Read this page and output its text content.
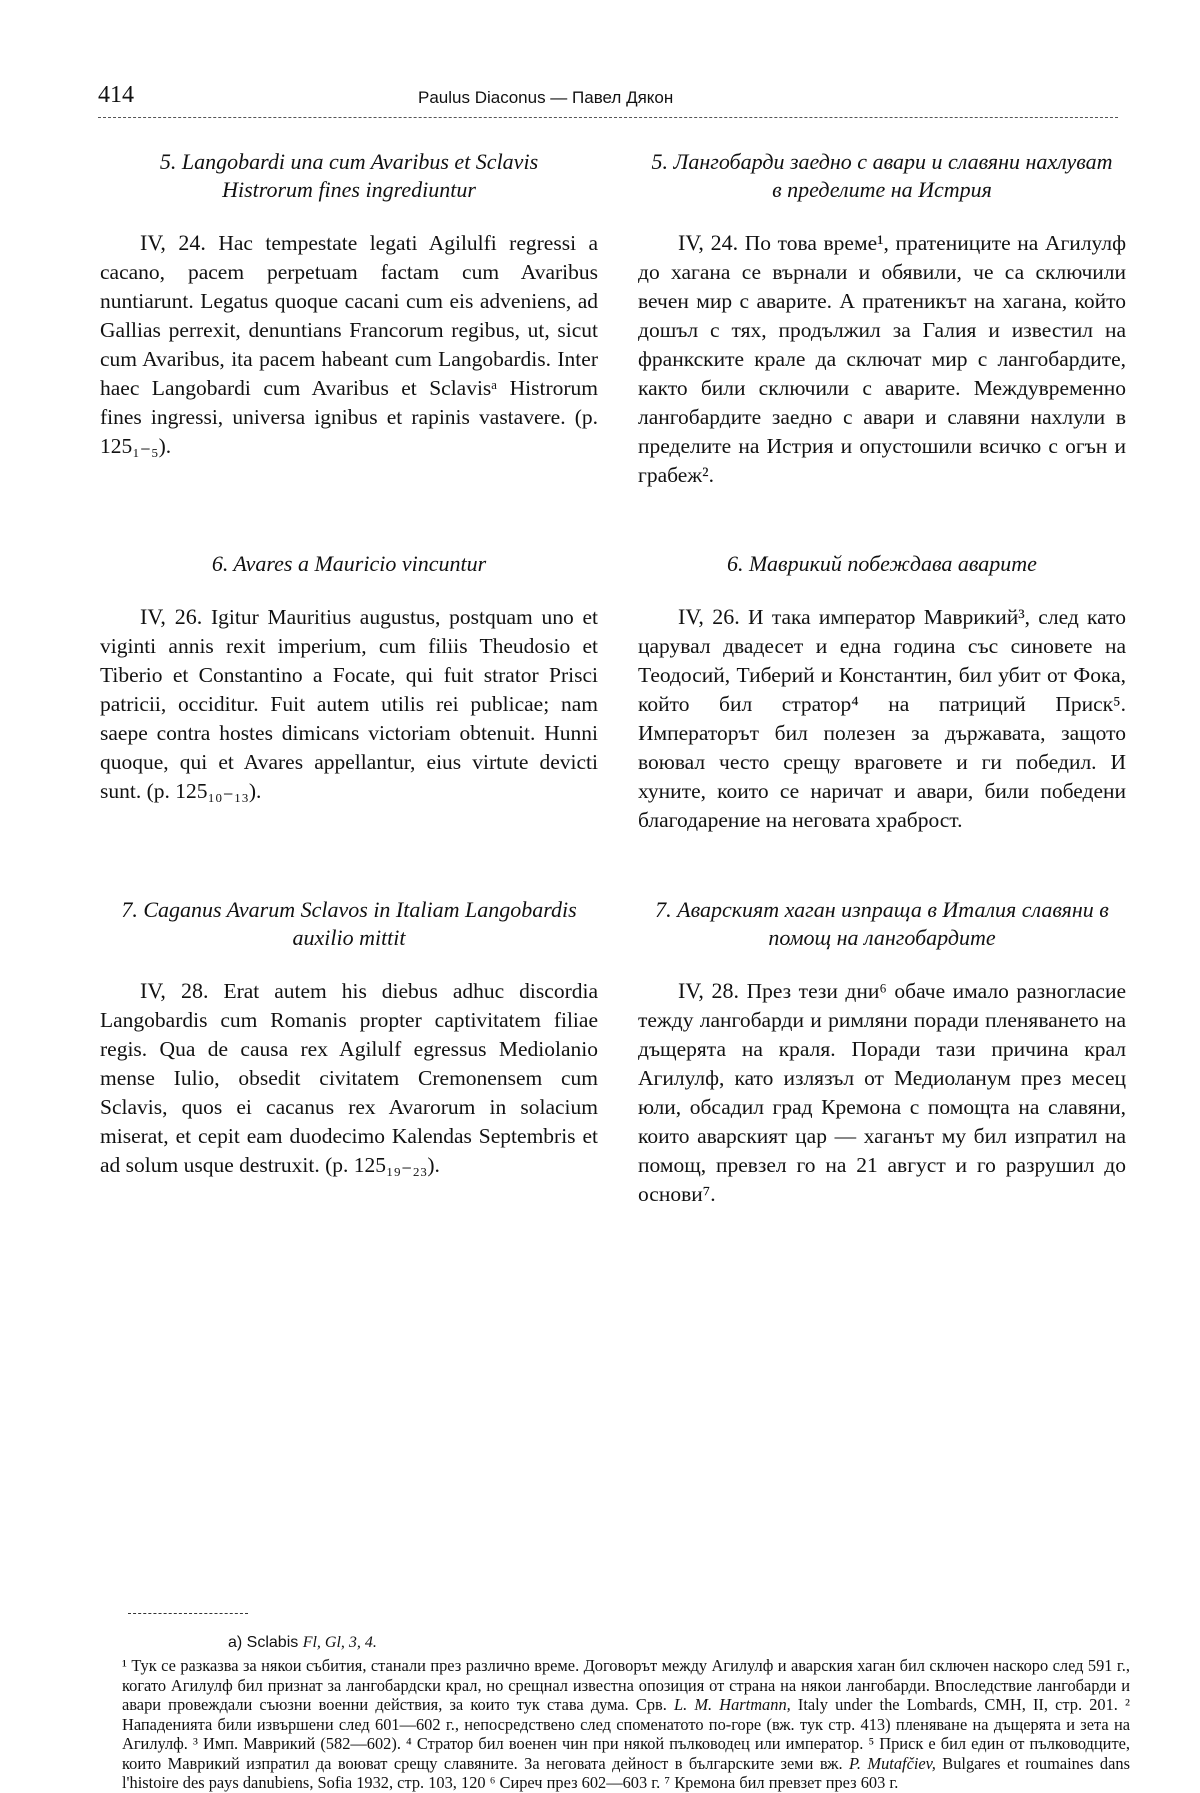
414	Paulus Diaconus — Павел Дякон

5. Langobardi una cum Avaribus et Sclavis Histrorum fines ingrediuntur

IV, 24. Hac tempestate legati Agilulfi regressi a cacano, pacem perpetuam factam cum Avaribus nuntiarunt. Legatus quoque cacani cum eis adveniens, ad Gallias perrexit, denuntians Francorum regibus, ut, sicut cum Avaribus, ita pacem habeant cum Langobardis. Inter haec Langobardi cum Avaribus et Sclavisᵃ Histrorum fines ingressi, universa ignibus et rapinis vastavere. (p. 125₁₋₅).

6. Avares a Mauricio vincuntur

IV, 26. Igitur Mauritius augustus, postquam uno et viginti annis rexit imperium, cum filiis Theudosio et Tiberio et Constantino a Focate, qui fuit strator Prisci patricii, occiditur. Fuit autem utilis rei publicae; nam saepe contra hostes dimicans victoriam obtenuit. Hunni quoque, qui et Avares appellantur, eius virtute devicti sunt. (p. 125₁₀₋₁₃).

7. Caganus Avarum Sclavos in Italiam Langobardis auxilio mittit

IV, 28. Erat autem his diebus adhuc discordia Langobardis cum Romanis propter captivitatem filiae regis. Qua de causa rex Agilulf egressus Mediolanio mense Iulio, obsedit civitatem Cremonensem cum Sclavis, quos ei cacanus rex Avarorum in solacium miserat, et cepit eam duodecimo Kalendas Septembris et ad solum usque destruxit. (p. 125₁₉₋₂₃).

5. Лангобарди заедно с авари и славяни нахлуват в пределите на Истрия

IV, 24. По това време¹, пратениците на Агилулф до хагана се върнали и обявили, че са сключили вечен мир с аварите. А пратеникът на хагана, който дошъл с тях, продължил за Галия и известил на франкските крале да сключат мир с лангобардите, както били сключили с аварите. Междувременно лангобардите заедно с авари и славяни нахлули в пределите на Истрия и опустошили всичко с огън и грабеж².

6. Маврикий побеждава аварите

IV, 26. И така император Маврикий³, след като царувал двадесет и една година със синовете на Теодосий, Тиберий и Константин, бил убит от Фока, който бил стратор⁴ на патриций Приск⁵. Императорът бил полезен за държавата, защото воювал често срещу враговете и ги победил. И хуните, които се наричат и авари, били победени благодарение на неговата храброст.

7. Аварският хаган изпраща в Италия славяни в помощ на лангобардите

IV, 28. През тези дни⁶ обаче имало разногласие тежду лангобарди и римляни поради пленяването на дъщерята на краля. Поради тази причина крал Агилулф, като излязъл от Медиоланум през месец юли, обсадил град Кремона с помощта на славяни, които аварският цар — хаганът му бил изпратил на помощ, превзел го на 21 август и го разрушил до основи⁷.

a) Sclabis Fl, Gl, 3, 4.

¹ Тук се разказва за някои събития, станали през различно време. Договорът между Агилулф и аварския хаган бил сключен наскоро след 591 г., когато Агилулф бил признат за лангобардски крал, но срещнал известна опозиция от страна на някои лангобарди. Впоследствие лангобарди и авари провеждали съюзни военни действия, за които тук става дума. Срв. L. M. Hartmann, Italy under the Lombards, CMH, II, стр. 201. ² Нападенията били извършени след 601—602 г., непосредствено след споменатото по-горе (вж. тук стр. 413) пленяване на дъщерята и зета на Агилулф. ³ Имп. Маврикий (582—602). ⁴ Стратор бил военен чин при някой пълководец или император. ⁵ Приск е бил един от пълководците, които Маврикий изпратил да воюват срещу славяните. За неговата дейност в българските земи вж. P. Mutafčiev, Bulgares et roumaines dans l'histoire des pays danubiens, Sofia 1932, стр. 103, 120 ⁶ Сиреч през 602—603 г. ⁷ Кремона бил превзет през 603 г.
